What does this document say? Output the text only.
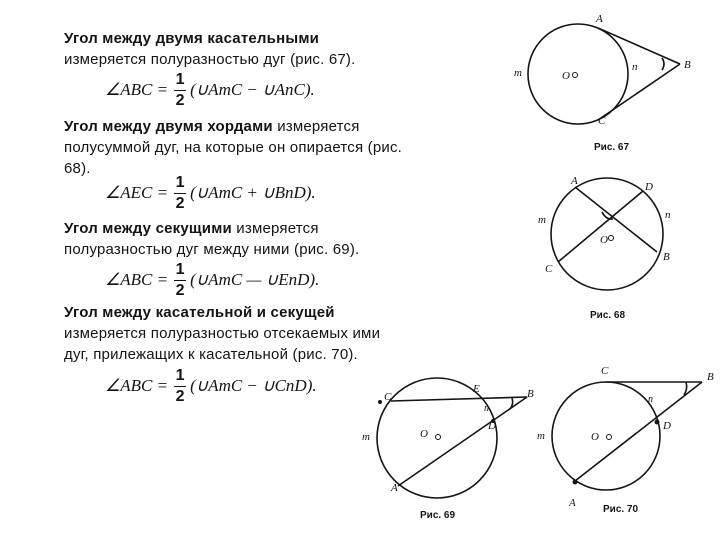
Угол между двумя касательными измеряется полуразностью дуг (рис. 67).
∠ABC = $\frac{1}{2}$ (∪AmC − ∪AnC).
Угол между двумя хордами измеряется полусуммой дуг, на которые он опирается (рис. 68).
∠AEC = $\frac{1}{2}$ (∪AmC + ∪BnD).
Угол между секущими измеряется полуразностью дуг между ними (рис. 69).
∠ABC = $\frac{1}{2}$ (∪AmC — ∪EnD).
Угол между касательной и секущей измеряется полуразностью отсекаемых ими дуг, прилежащих к касательной (рис. 70).
∠ABC = $\frac{1}{2}$ (∪AmC − ∪CnD).
A
B
C
m	n
O
Рис. 67
A
B
C
D
m	n
O
Рис. 68
A
B
C
D
E
m
n
O
Рис. 69
A
B
C
D
m
n
O
Рис. 70
